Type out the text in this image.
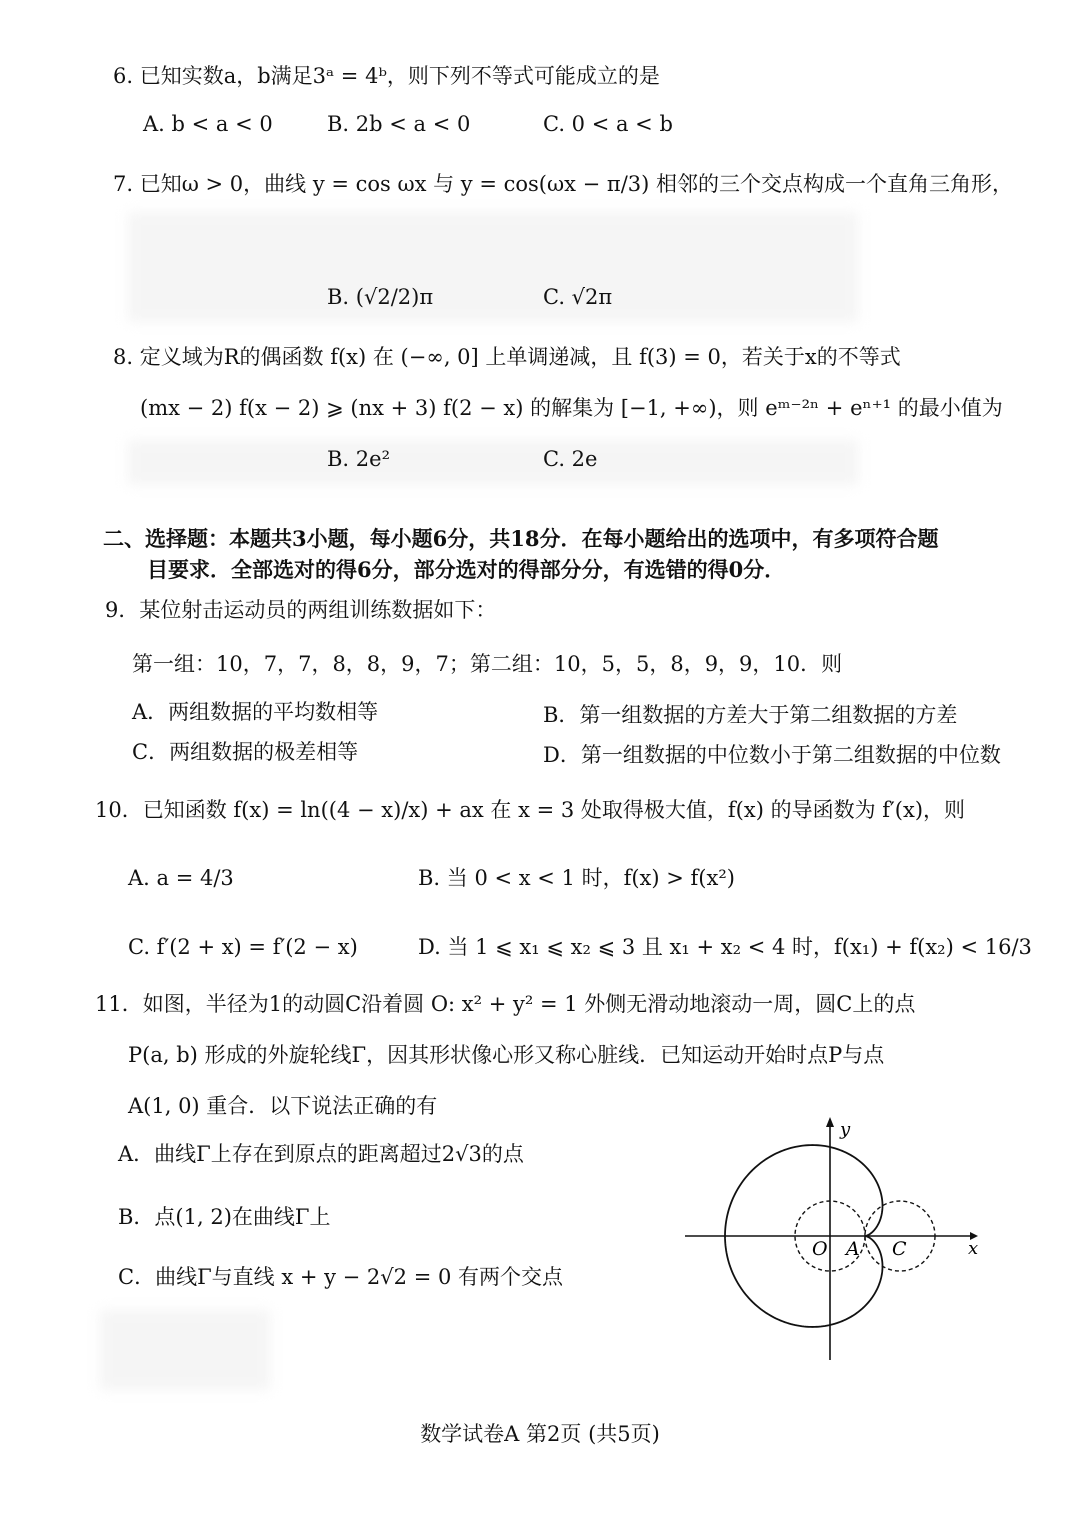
6. 已知实数a，b满足3ᵃ = 4ᵇ，则下列不等式可能成立的是
A. b < a < 0	B. 2b < a < 0	C. 0 < a < b
7. 已知ω > 0，曲线 y = cos ωx 与 y = cos(ωx − π/3) 相邻的三个交点构成一个直角三角形，
B. (√2/2)π	C. √2π
8. 定义域为R的偶函数 f(x) 在 (−∞, 0] 上单调递减，且 f(3) = 0，若关于x的不等式
(mx − 2) f(x − 2) ⩾ (nx + 3) f(2 − x) 的解集为 [−1, +∞)，则 eᵐ⁻²ⁿ + eⁿ⁺¹ 的最小值为
B. 2e²	C. 2e
二、选择题：本题共3小题，每小题6分，共18分．在每小题给出的选项中，有多项符合题
目要求．全部选对的得6分，部分选对的得部分分，有选错的得0分．
9．某位射击运动员的两组训练数据如下：
第一组：10，7，7，8，8，9，7；第二组：10，5，5，8，9，9，10．则
A．两组数据的平均数相等	B．第一组数据的方差大于第二组数据的方差
C．两组数据的极差相等	D．第一组数据的中位数小于第二组数据的中位数
10．已知函数 f(x) = ln((4 − x)/x) + ax 在 x = 3 处取得极大值，f(x) 的导函数为 f′(x)，则
A. a = 4/3	B. 当 0 < x < 1 时，f(x) > f(x²)
C. f′(2 + x) = f′(2 − x)	D. 当 1 ⩽ x₁ ⩽ x₂ ⩽ 3 且 x₁ + x₂ < 4 时，f(x₁) + f(x₂) < 16/3
11．如图，半径为1的动圆C沿着圆 O: x² + y² = 1 外侧无滑动地滚动一周，圆C上的点
P(a, b) 形成的外旋轮线Γ，因其形状像心形又称心脏线．已知运动开始时点P与点
A(1, 0) 重合．以下说法正确的有
A．曲线Γ上存在到原点的距离超过2√3的点
B．点(1, 2)在曲线Γ上
C．曲线Γ与直线 x + y − 2√2 = 0 有两个交点
x
y
O A C
数学试卷A 第2页 (共5页)
